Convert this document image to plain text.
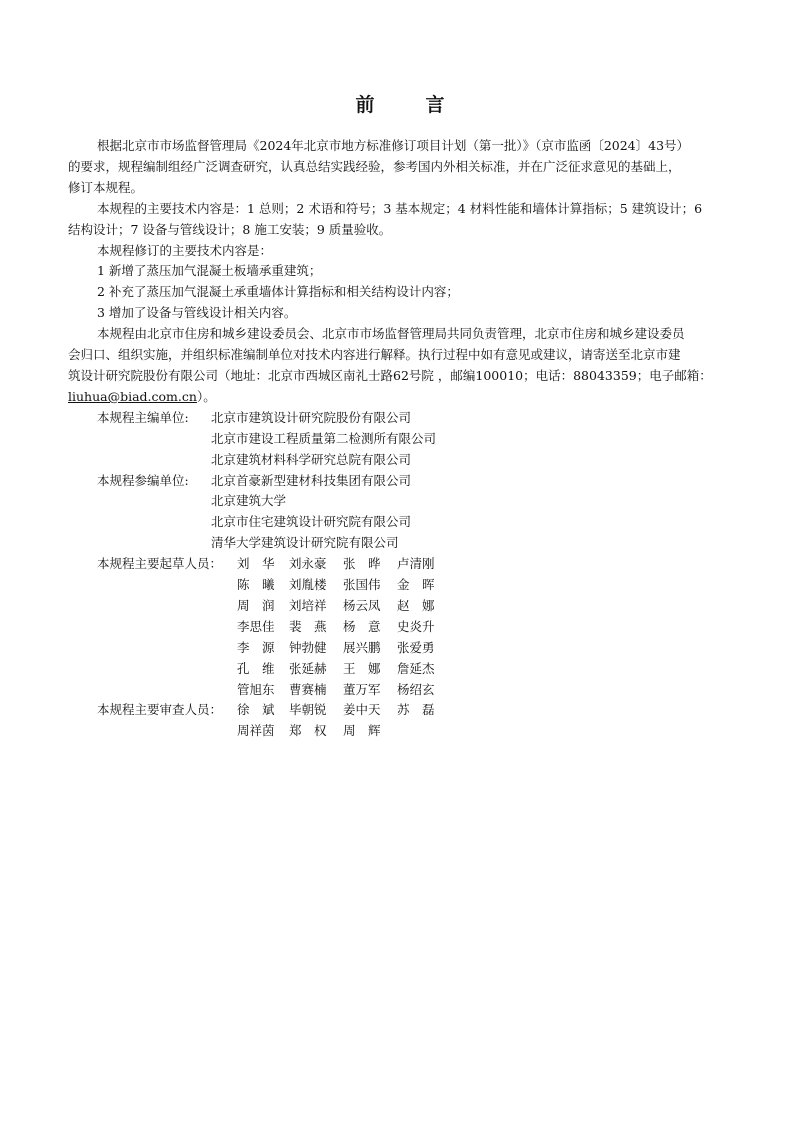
前　言
根据北京市市场监督管理局《2024年北京市地方标准修订项目计划（第一批）》（京市监函〔2024〕43号）
的要求，规程编制组经广泛调查研究，认真总结实践经验，参考国内外相关标准，并在广泛征求意见的基础上，
修订本规程。
本规程的主要技术内容是：1 总则；2 术语和符号；3 基本规定；4 材料性能和墙体计算指标；5 建筑设计；6
结构设计；7 设备与管线设计；8 施工安装；9 质量验收。
本规程修订的主要技术内容是：
1 新增了蒸压加气混凝土板墙承重建筑；
2 补充了蒸压加气混凝土承重墙体计算指标和相关结构设计内容；
3 增加了设备与管线设计相关内容。
本规程由北京市住房和城乡建设委员会、北京市市场监督管理局共同负责管理，北京市住房和城乡建设委员
会归口、组织实施，并组织标准编制单位对技术内容进行解释。执行过程中如有意见或建议，请寄送至北京市建
筑设计研究院股份有限公司（地址：北京市西城区南礼士路62号院 ，邮编100010；电话：88043359；电子邮箱：
liuhua@biad.com.cn）。
本规程主编单位:	北京市建筑设计研究院股份有限公司
北京市建设工程质量第二检测所有限公司
北京建筑材料科学研究总院有限公司
本规程参编单位:	北京首豪新型建材科技集团有限公司
北京建筑大学
北京市住宅建筑设计研究院有限公司
清华大学建筑设计研究院有限公司
本规程主要起草人员：	刘　华	刘永豪	张　晔	卢清刚
陈　曦	刘胤楼	张国伟	金　晖
周　润	刘培祥	杨云凤	赵　娜
李思佳	裴　燕	杨　意	史炎升
李　源	钟勃健	展兴鹏	张爱勇
孔　维	张延赫	王　娜	詹延杰
管旭东	曹赛楠	董万军	杨绍玄
本规程主要审查人员：	徐　斌	毕朝锐	姜中天	苏　磊
周祥茵	郑　权	周　辉
